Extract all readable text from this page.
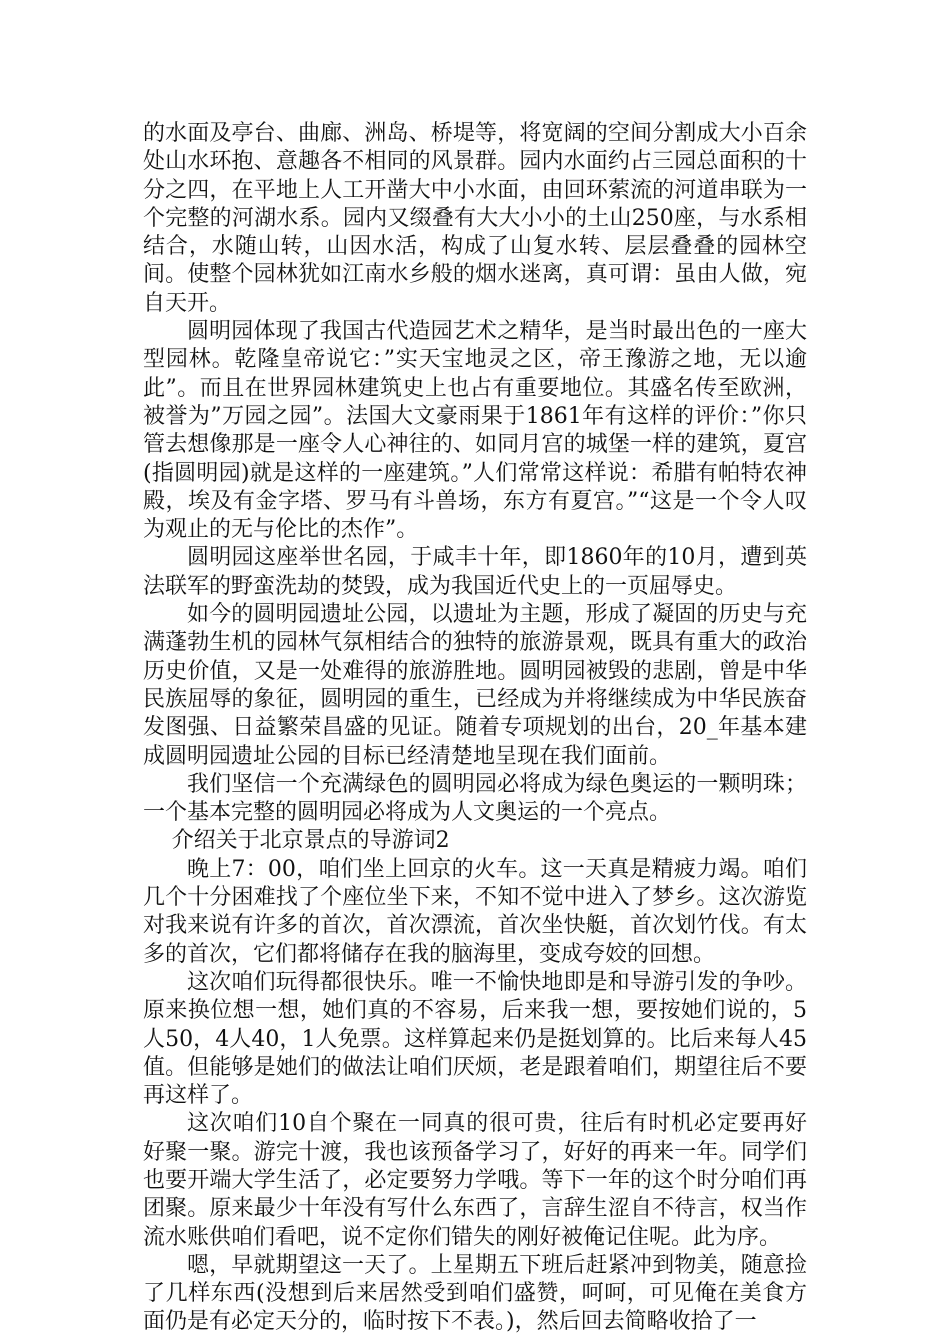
的水面及亭台、曲廊、洲岛、桥堤等，将宽阔的空间分割成大小百余处山水环抱、意趣各不相同的风景群。园内水面约占三园总面积的十分之四，在平地上人工开凿大中小水面，由回环萦流的河道串联为一个完整的河湖水系。园内又缀叠有大大小小的土山250座，与水系相结合，水随山转，山因水活，构成了山复水转、层层叠叠的园林空间。使整个园林犹如江南水乡般的烟水迷离，真可谓：虽由人做，宛自天开。

圆明园体现了我国古代造园艺术之精华，是当时最出色的一座大型园林。乾隆皇帝说它：”实天宝地灵之区，帝王豫游之地，无以逾此”。而且在世界园林建筑史上也占有重要地位。其盛名传至欧洲，被誉为”万园之园”。法国大文豪雨果于1861年有这样的评价：”你只管去想像那是一座令人心神往的、如同月宫的城堡一样的建筑，夏宫(指圆明园)就是这样的一座建筑。”人们常常这样说：希腊有帕特农神殿，埃及有金字塔、罗马有斗兽场，东方有夏宫。”“这是一个令人叹为观止的无与伦比的杰作”。

圆明园这座举世名园，于咸丰十年，即1860年的10月，遭到英法联军的野蛮洗劫的焚毁，成为我国近代史上的一页屈辱史。

如今的圆明园遗址公园，以遗址为主题，形成了凝固的历史与充满蓬勃生机的园林气氛相结合的独特的旅游景观，既具有重大的政治历史价值，又是一处难得的旅游胜地。圆明园被毁的悲剧，曾是中华民族屈辱的象征，圆明园的重生，已经成为并将继续成为中华民族奋发图强、日益繁荣昌盛的见证。随着专项规划的出台，20_年基本建成圆明园遗址公园的目标已经清楚地呈现在我们面前。

我们坚信一个充满绿色的圆明园必将成为绿色奥运的一颗明珠；一个基本完整的圆明园必将成为人文奥运的一个亮点。

介绍关于北京景点的导游词2

晚上7：00，咱们坐上回京的火车。这一天真是精疲力竭。咱们几个十分困难找了个座位坐下来，不知不觉中进入了梦乡。这次游览对我来说有许多的首次，首次漂流，首次坐快艇，首次划竹伐。有太多的首次，它们都将储存在我的脑海里，变成夸姣的回想。

这次咱们玩得都很快乐。唯一不愉快地即是和导游引发的争吵。原来换位想一想，她们真的不容易，后来我一想，要按她们说的，5人50，4人40，1人免票。这样算起来仍是挺划算的。比后来每人45值。但能够是她们的做法让咱们厌烦，老是跟着咱们，期望往后不要再这样了。

这次咱们10自个聚在一同真的很可贵，往后有时机必定要再好好聚一聚。游完十渡，我也该预备学习了，好好的再来一年。同学们也要开端大学生活了，必定要努力学哦。等下一年的这个时分咱们再团聚。原来最少十年没有写什么东西了，言辞生涩自不待言，权当作流水账供咱们看吧，说不定你们错失的刚好被俺记住呢。此为序。

嗯，早就期望这一天了。上星期五下班后赶紧冲到物美，随意捡了几样东西(没想到后来居然受到咱们盛赞，呵呵，可见俺在美食方面仍是有必定天分的，临时按下不表。)，然后回去简略收拾了一
